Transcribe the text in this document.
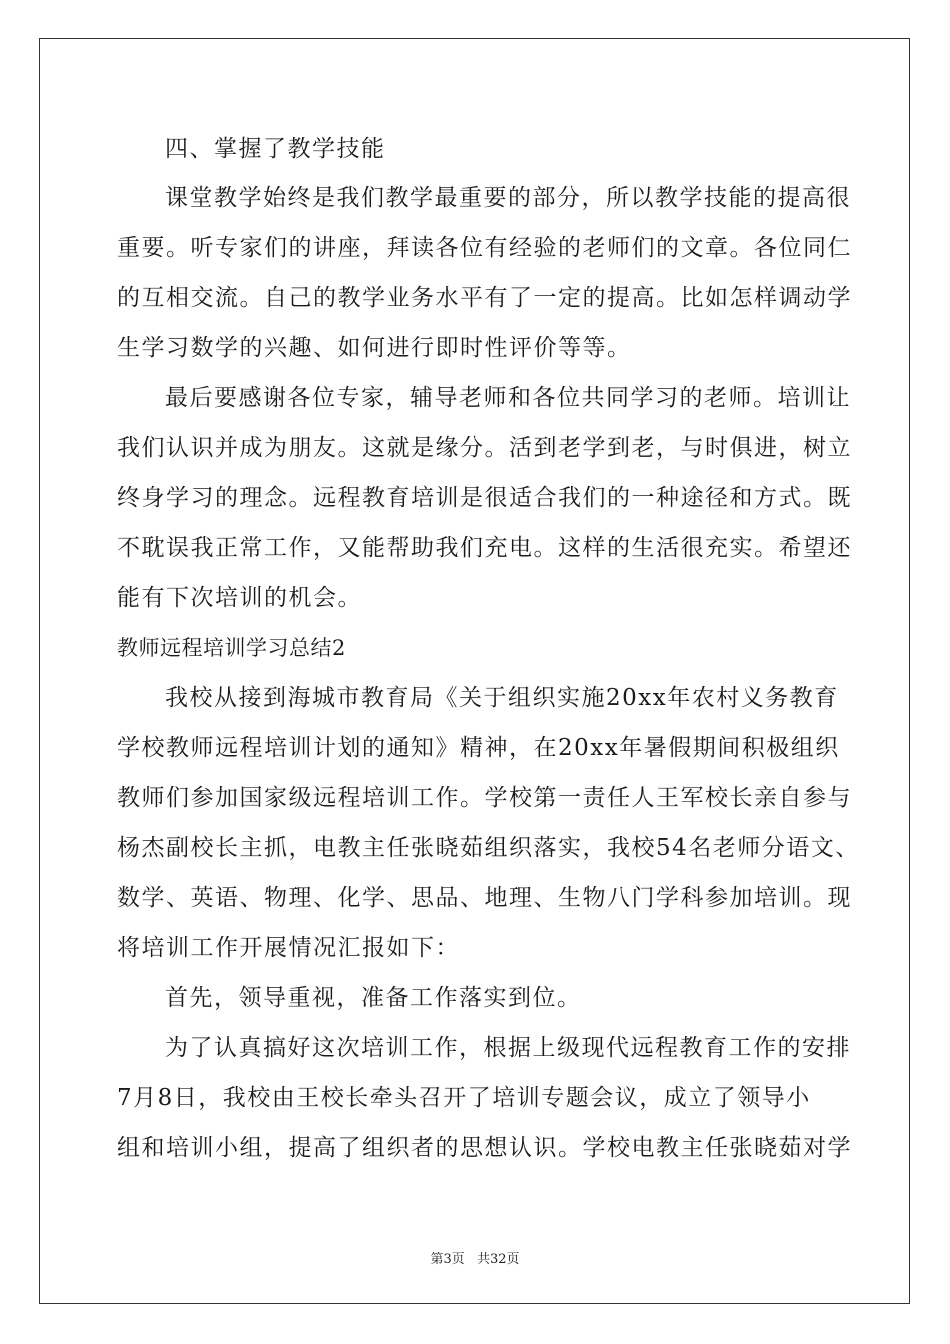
四、掌握了教学技能
课堂教学始终是我们教学最重要的部分，所以教学技能的提高很
重要。听专家们的讲座，拜读各位有经验的老师们的文章。各位同仁
的互相交流。自己的教学业务水平有了一定的提高。比如怎样调动学
生学习数学的兴趣、如何进行即时性评价等等。
最后要感谢各位专家，辅导老师和各位共同学习的老师。培训让
我们认识并成为朋友。这就是缘分。活到老学到老，与时俱进，树立
终身学习的理念。远程教育培训是很适合我们的一种途径和方式。既
不耽误我正常工作，又能帮助我们充电。这样的生活很充实。希望还
能有下次培训的机会。
教师远程培训学习总结2
我校从接到海城市教育局《关于组织实施20xx年农村义务教育
学校教师远程培训计划的通知》精神，在20xx年暑假期间积极组织
教师们参加国家级远程培训工作。学校第一责任人王军校长亲自参与
杨杰副校长主抓，电教主任张晓茹组织落实，我校54名老师分语文、
数学、英语、物理、化学、思品、地理、生物八门学科参加培训。现
将培训工作开展情况汇报如下：
首先，领导重视，准备工作落实到位。
为了认真搞好这次培训工作，根据上级现代远程教育工作的安排
7月8日，我校由王校长牵头召开了培训专题会议，成立了领导小
组和培训小组，提高了组织者的思想认识。学校电教主任张晓茹对学
第3页 共32页
